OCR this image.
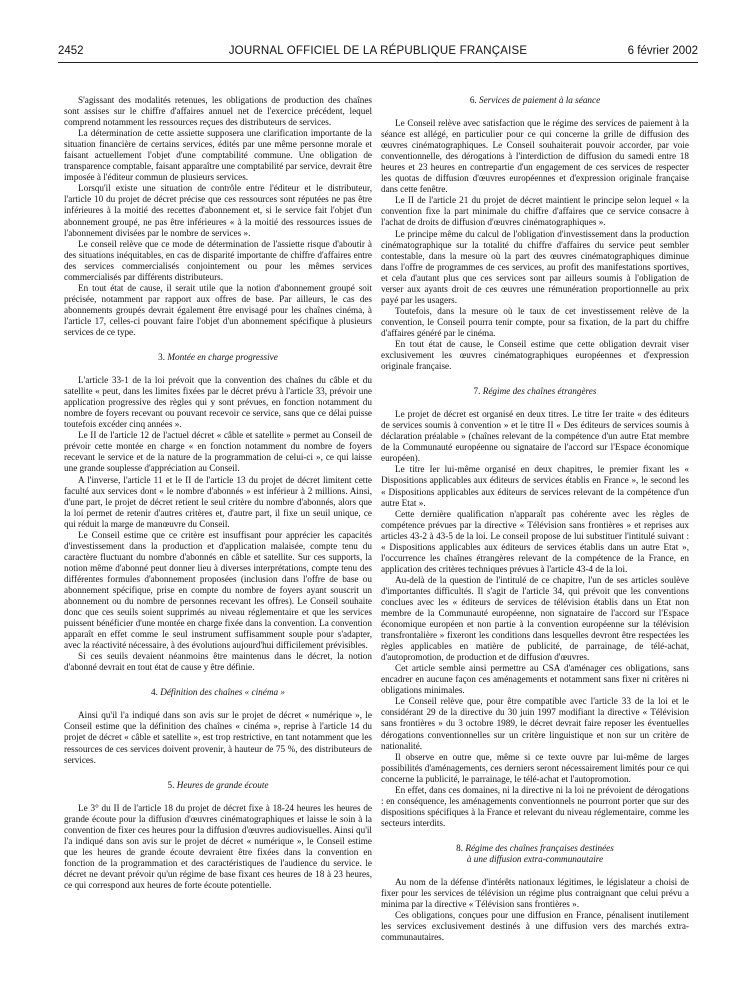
2452	JOURNAL OFFICIEL DE LA RÉPUBLIQUE FRANÇAISE	6 février 2002

S'agissant des modalités retenues, les obligations de production des chaînes sont assises sur le chiffre d'affaires annuel net de l'exercice précédent, lequel comprend notamment les ressources reçues des distributeurs de services.

La détermination de cette assiette supposera une clarification importante de la situation financière de certains services, édités par une même personne morale et faisant actuellement l'objet d'une comptabilité commune. Une obligation de transparence comptable, faisant apparaître une comptabilité par service, devrait être imposée à l'éditeur commun de plusieurs services.

Lorsqu'il existe une situation de contrôle entre l'éditeur et le distributeur, l'article 10 du projet de décret précise que ces ressources sont réputées ne pas être inférieures à la moitié des recettes d'abonnement et, si le service fait l'objet d'un abonnement groupé, ne pas être inférieures « à la moitié des ressources issues de l'abonnement divisées par le nombre de services ».

Le conseil relève que ce mode de détermination de l'assiette risque d'aboutir à des situations inéquitables, en cas de disparité importante de chiffre d'affaires entre des services commercialisés conjointement ou pour les mêmes services commercialisés par différents distributeurs.

En tout état de cause, il serait utile que la notion d'abonnement groupé soit précisée, notamment par rapport aux offres de base. Par ailleurs, le cas des abonnements groupés devrait également être envisagé pour les chaînes cinéma, à l'article 17, celles-ci pouvant faire l'objet d'un abonnement spécifique à plusieurs services de ce type.

3. Montée en charge progressive

L'article 33-1 de la loi prévoit que la convention des chaînes du câble et du satellite « peut, dans les limites fixées par le décret prévu à l'article 33, prévoir une application progressive des règles qui y sont prévues, en fonction notamment du nombre de foyers recevant ou pouvant recevoir ce service, sans que ce délai puisse toutefois excéder cinq années ».

Le II de l'article 12 de l'actuel décret « câble et satellite » permet au Conseil de prévoir cette montée en charge « en fonction notamment du nombre de foyers recevant le service et de la nature de la programmation de celui-ci », ce qui laisse une grande souplesse d'appréciation au Conseil.

A l'inverse, l'article 11 et le II de l'article 13 du projet de décret limitent cette faculté aux services dont « le nombre d'abonnés » est inférieur à 2 millions. Ainsi, d'une part, le projet de décret retient le seul critère du nombre d'abonnés, alors que la loi permet de retenir d'autres critères et, d'autre part, il fixe un seuil unique, ce qui réduit la marge de manœuvre du Conseil.

Le Conseil estime que ce critère est insuffisant pour apprécier les capacités d'investissement dans la production et d'application malaisée, compte tenu du caractère fluctuant du nombre d'abonnés en câble et satellite. Sur ces supports, la notion même d'abonné peut donner lieu à diverses interprétations, compte tenu des différentes formules d'abonnement proposées (inclusion dans l'offre de base ou abonnement spécifique, prise en compte du nombre de foyers ayant souscrit un abonnement ou du nombre de personnes recevant les offres). Le Conseil souhaite donc que ces seuils soient supprimés au niveau réglementaire et que les services puissent bénéficier d'une montée en charge fixée dans la convention. La convention apparaît en effet comme le seul instrument suffisamment souple pour s'adapter, avec la réactivité nécessaire, à des évolutions aujourd'hui difficilement prévisibles.

Si ces seuils devaient néanmoins être maintenus dans le décret, la notion d'abonné devrait en tout état de cause y être définie.

4. Définition des chaînes « cinéma »

Ainsi qu'il l'a indiqué dans son avis sur le projet de décret « numérique », le Conseil estime que la définition des chaînes « cinéma », reprise à l'article 14 du projet de décret « câble et satellite », est trop restrictive, en tant notamment que les ressources de ces services doivent provenir, à hauteur de 75 %, des distributeurs de services.

5. Heures de grande écoute

Le 3° du II de l'article 18 du projet de décret fixe à 18-24 heures les heures de grande écoute pour la diffusion d'œuvres cinématographiques et laisse le soin à la convention de fixer ces heures pour la diffusion d'œuvres audiovisuelles. Ainsi qu'il l'a indiqué dans son avis sur le projet de décret « numérique », le Conseil estime que les heures de grande écoute devraient être fixées dans la convention en fonction de la programmation et des caractéristiques de l'audience du service. le décret ne devant prévoir qu'un régime de base fixant ces heures de 18 à 23 heures, ce qui correspond aux heures de forte écoute potentielle.

6. Services de paiement à la séance

Le Conseil relève avec satisfaction que le régime des services de paiement à la séance est allégé, en particulier pour ce qui concerne la grille de diffusion des œuvres cinématographiques. Le Conseil souhaiterait pouvoir accorder, par voie conventionnelle, des dérogations à l'interdiction de diffusion du samedi entre 18 heures et 23 heures en contrepartie d'un engagement de ces services de respecter les quotas de diffusion d'œuvres européennes et d'expression originale française dans cette fenêtre.

Le II de l'article 21 du projet de décret maintient le principe selon lequel « la convention fixe la part minimale du chiffre d'affaires que ce service consacre à l'achat de droits de diffusion d'œuvres cinématographiques ».

Le principe même du calcul de l'obligation d'investissement dans la production cinématographique sur la totalité du chiffre d'affaires du service peut sembler contestable, dans la mesure où la part des œuvres cinématographiques diminue dans l'offre de programmes de ces services, au profit des manifestations sportives, et cela d'autant plus que ces services sont par ailleurs soumis à l'obligation de verser aux ayants droit de ces œuvres une rémunération proportionnelle au prix payé par les usagers.

Toutefois, dans la mesure où le taux de cet investissement relève de la convention, le Conseil pourra tenir compte, pour sa fixation, de la part du chiffre d'affaires généré par le cinéma.

En tout état de cause, le Conseil estime que cette obligation devrait viser exclusivement les œuvres cinématographiques européennes et d'expression originale française.

7. Régime des chaînes étrangères

Le projet de décret est organisé en deux titres. Le titre Ier traite « des éditeurs de services soumis à convention » et le titre II « Des éditeurs de services soumis à déclaration préalable » (chaînes relevant de la compétence d'un autre Etat membre de la Communauté européenne ou signataire de l'accord sur l'Espace économique européen).

Le titre Ier lui-même organisé en deux chapitres, le premier fixant les « Dispositions applicables aux éditeurs de services établis en France », le second les « Dispositions applicables aux éditeurs de services relevant de la compétence d'un autre Etat ».

Cette dernière qualification n'apparaît pas cohérente avec les règles de compétence prévues par la directive « Télévision sans frontières » et reprises aux articles 43-2 à 43-5 de la loi. Le conseil propose de lui substituer l'intitulé suivant : « Dispositions applicables aux éditeurs de services établis dans un autre Etat », l'occurrence les chaînes étrangères relevant de la compétence de la France, en application des critères techniques prévues à l'article 43-4 de la loi.

Au-delà de la question de l'intitulé de ce chapitre, l'un de ses articles soulève d'importantes difficultés. Il s'agit de l'article 34, qui prévoit que les conventions conclues avec les « éditeurs de services de télévision établis dans un Etat non membre de la Communauté européenne, non signataire de l'accord sur l'Espace économique européen et non partie à la convention européenne sur la télévision transfrontalière » fixeront les conditions dans lesquelles devront être respectées les règles applicables en matière de publicité, de parrainage, de télé-achat, d'autopromotion, de production et de diffusion d'œuvres.

Cet article semble ainsi permettre au CSA d'aménager ces obligations, sans encadrer en aucune façon ces aménagements et notamment sans fixer ni critères ni obligations minimales.

Le Conseil relève que, pour être compatible avec l'article 33 de la loi et le considérant 29 de la directive du 30 juin 1997 modifiant la directive « Télévision sans frontières » du 3 octobre 1989, le décret devrait faire reposer les éventuelles dérogations conventionnelles sur un critère linguistique et non sur un critère de nationalité.

Il observe en outre que, même si ce texte ouvre par lui-même de larges possibilités d'aménagements, ces derniers seront nécessairement limités pour ce qui concerne la publicité, le parrainage, le télé-achat et l'autopromotion.

En effet, dans ces domaines, ni la directive ni la loi ne prévoient de dérogations : en conséquence, les aménagements conventionnels ne pourront porter que sur des dispositions spécifiques à la France et relevant du niveau réglementaire, comme les secteurs interdits.

8. Régime des chaînes françaises destinées
à une diffusion extra-communautaire

Au nom de la défense d'intérêts nationaux légitimes, le législateur a choisi de fixer pour les services de télévision un régime plus contraignant que celui prévu a minima par la directive « Télévision sans frontières ».

Ces obligations, conçues pour une diffusion en France, pénalisent inutilement les services exclusivement destinés à une diffusion vers des marchés extra-communautaires.
